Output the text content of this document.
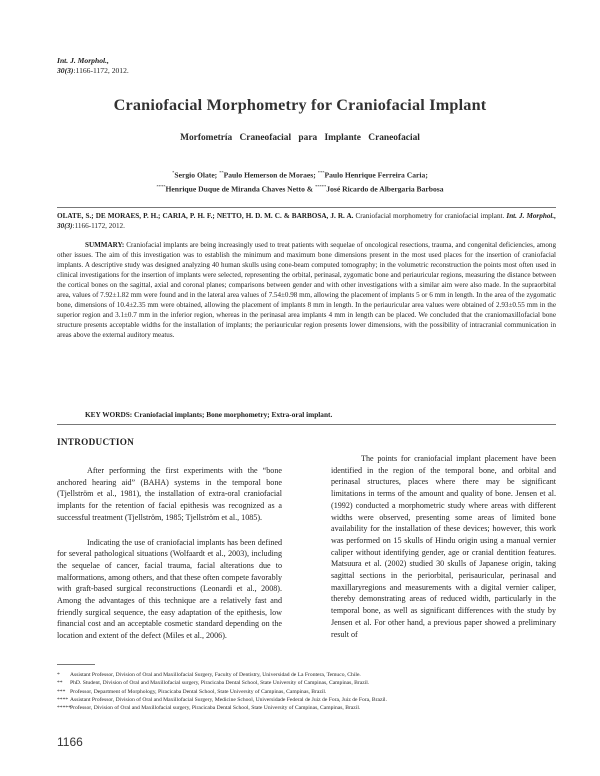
Int. J. Morphol.,
30(3):1166-1172, 2012.
Craniofacial Morphometry for Craniofacial Implant
Morfometría Craneofacial para Implante Craneofacial
*Sergio Olate; **Paulo Hemerson de Moraes; ***Paulo Henrique Ferreira Caria;
****Henrique Duque de Miranda Chaves Netto & *****José Ricardo de Albergaria Barbosa
OLATE, S.; DE MORAES, P. H.; CARIA, P. H. F.; NETTO, H. D. M. C. & BARBOSA, J. R. A. Craniofacial morphometry for craniofacial implant. Int. J. Morphol., 30(3):1166-1172, 2012.
SUMMARY: Craniofacial implants are being increasingly used to treat patients with sequelae of oncological resections, trauma, and congenital deficiencies, among other issues. The aim of this investigation was to establish the minimum and maximum bone dimensions present in the most used places for the insertion of craniofacial implants. A descriptive study was designed analyzing 40 human skulls using cone-beam computed tomography; in the volumetric reconstruction the points most often used in clinical investigations for the insertion of implants were selected, representing the orbital, perinasal, zygomatic bone and periauricular regions, measuring the distance between the cortical bones on the sagittal, axial and coronal planes; comparisons between gender and with other investigations with a similar aim were also made. In the supraorbital area, values of 7.92±1.82 mm were found and in the lateral area values of 7.54±0.98 mm, allowing the placement of implants 5 or 6 mm in length. In the area of the zygomatic bone, dimensions of 10.4±2.35 mm were obtained, allowing the placement of implants 8 mm in length. In the periauricular area values were obtained of 2.93±0.55 mm in the superior region and 3.1±0.7 mm in the inferior region, whereas in the perinasal area implants 4 mm in length can be placed. We concluded that the craniomaxillofacial bone structure presents acceptable widths for the installation of implants; the periauricular region presents lower dimensions, with the possibility of intracranial communication in areas above the external auditory meatus.
KEY WORDS: Craniofacial implants; Bone morphometry; Extra-oral implant.
INTRODUCTION

After performing the first experiments with the “bone anchored hearing aid” (BAHA) systems in the temporal bone (Tjellström et al., 1981), the installation of extra-oral craniofacial implants for the retention of facial epithesis was recognized as a successful treatment (Tjellström, 1985; Tjellström et al., 1085).

Indicating the use of craniofacial implants has been defined for several pathological situations (Wolfaardt et al., 2003), including the sequelae of cancer, facial trauma, facial alterations due to malformations, among others, and that these often compete favorably with graft-based surgical reconstructions (Leonardi et al., 2008). Among the advantages of this technique are a relatively fast and friendly surgical sequence, the easy adaptation of the epithesis, low financial cost and an acceptable cosmetic standard depending on the location and extent of the defect (Miles et al., 2006).

The points for craniofacial implant placement have been identified in the region of the temporal bone, and orbital and perinasal structures, places where there may be significant limitations in terms of the amount and quality of bone. Jensen et al. (1992) conducted a morphometric study where areas with different widths were observed, presenting some areas of limited bone availability for the installation of these devices; however, this work was performed on 15 skulls of Hindu origin using a manual vernier caliper without identifying gender, age or cranial dentition features. Matsuura et al. (2002) studied 30 skulls of Japanese origin, taking sagittal sections in the periorbital, perisauricular, perinasal and maxillaryregions and measurements with a digital vernier caliper, thereby demonstrating areas of reduced width, particularly in the temporal bone, as well as significant differences with the study by Jensen et al. For other hand, a previous paper showed a preliminary result of

*	Assistant Professor, Division of Oral and Maxillofacial Surgery, Faculty of Dentistry, Universidad de La Frontera, Temuco, Chile.
**	PhD. Student, Division of Oral and Maxillofacial surgery, Piracicaba Dental School, State University of Campinas, Campinas, Brazil.
*** Professor, Department of Morphology, Piracicaba Dental School, State University of Campinas, Campinas, Brazil.
**** Assistant Professor, Division of Oral and Maxillofacial Surgery, Medicine School, Universidade Federal de Juiz de Fora, Juiz de Fora, Brazil.
***** Professor, Division of Oral and Maxillofacial surgery, Piracicaba Dental School, State University of Campinas, Campinas, Brazil.
1166
